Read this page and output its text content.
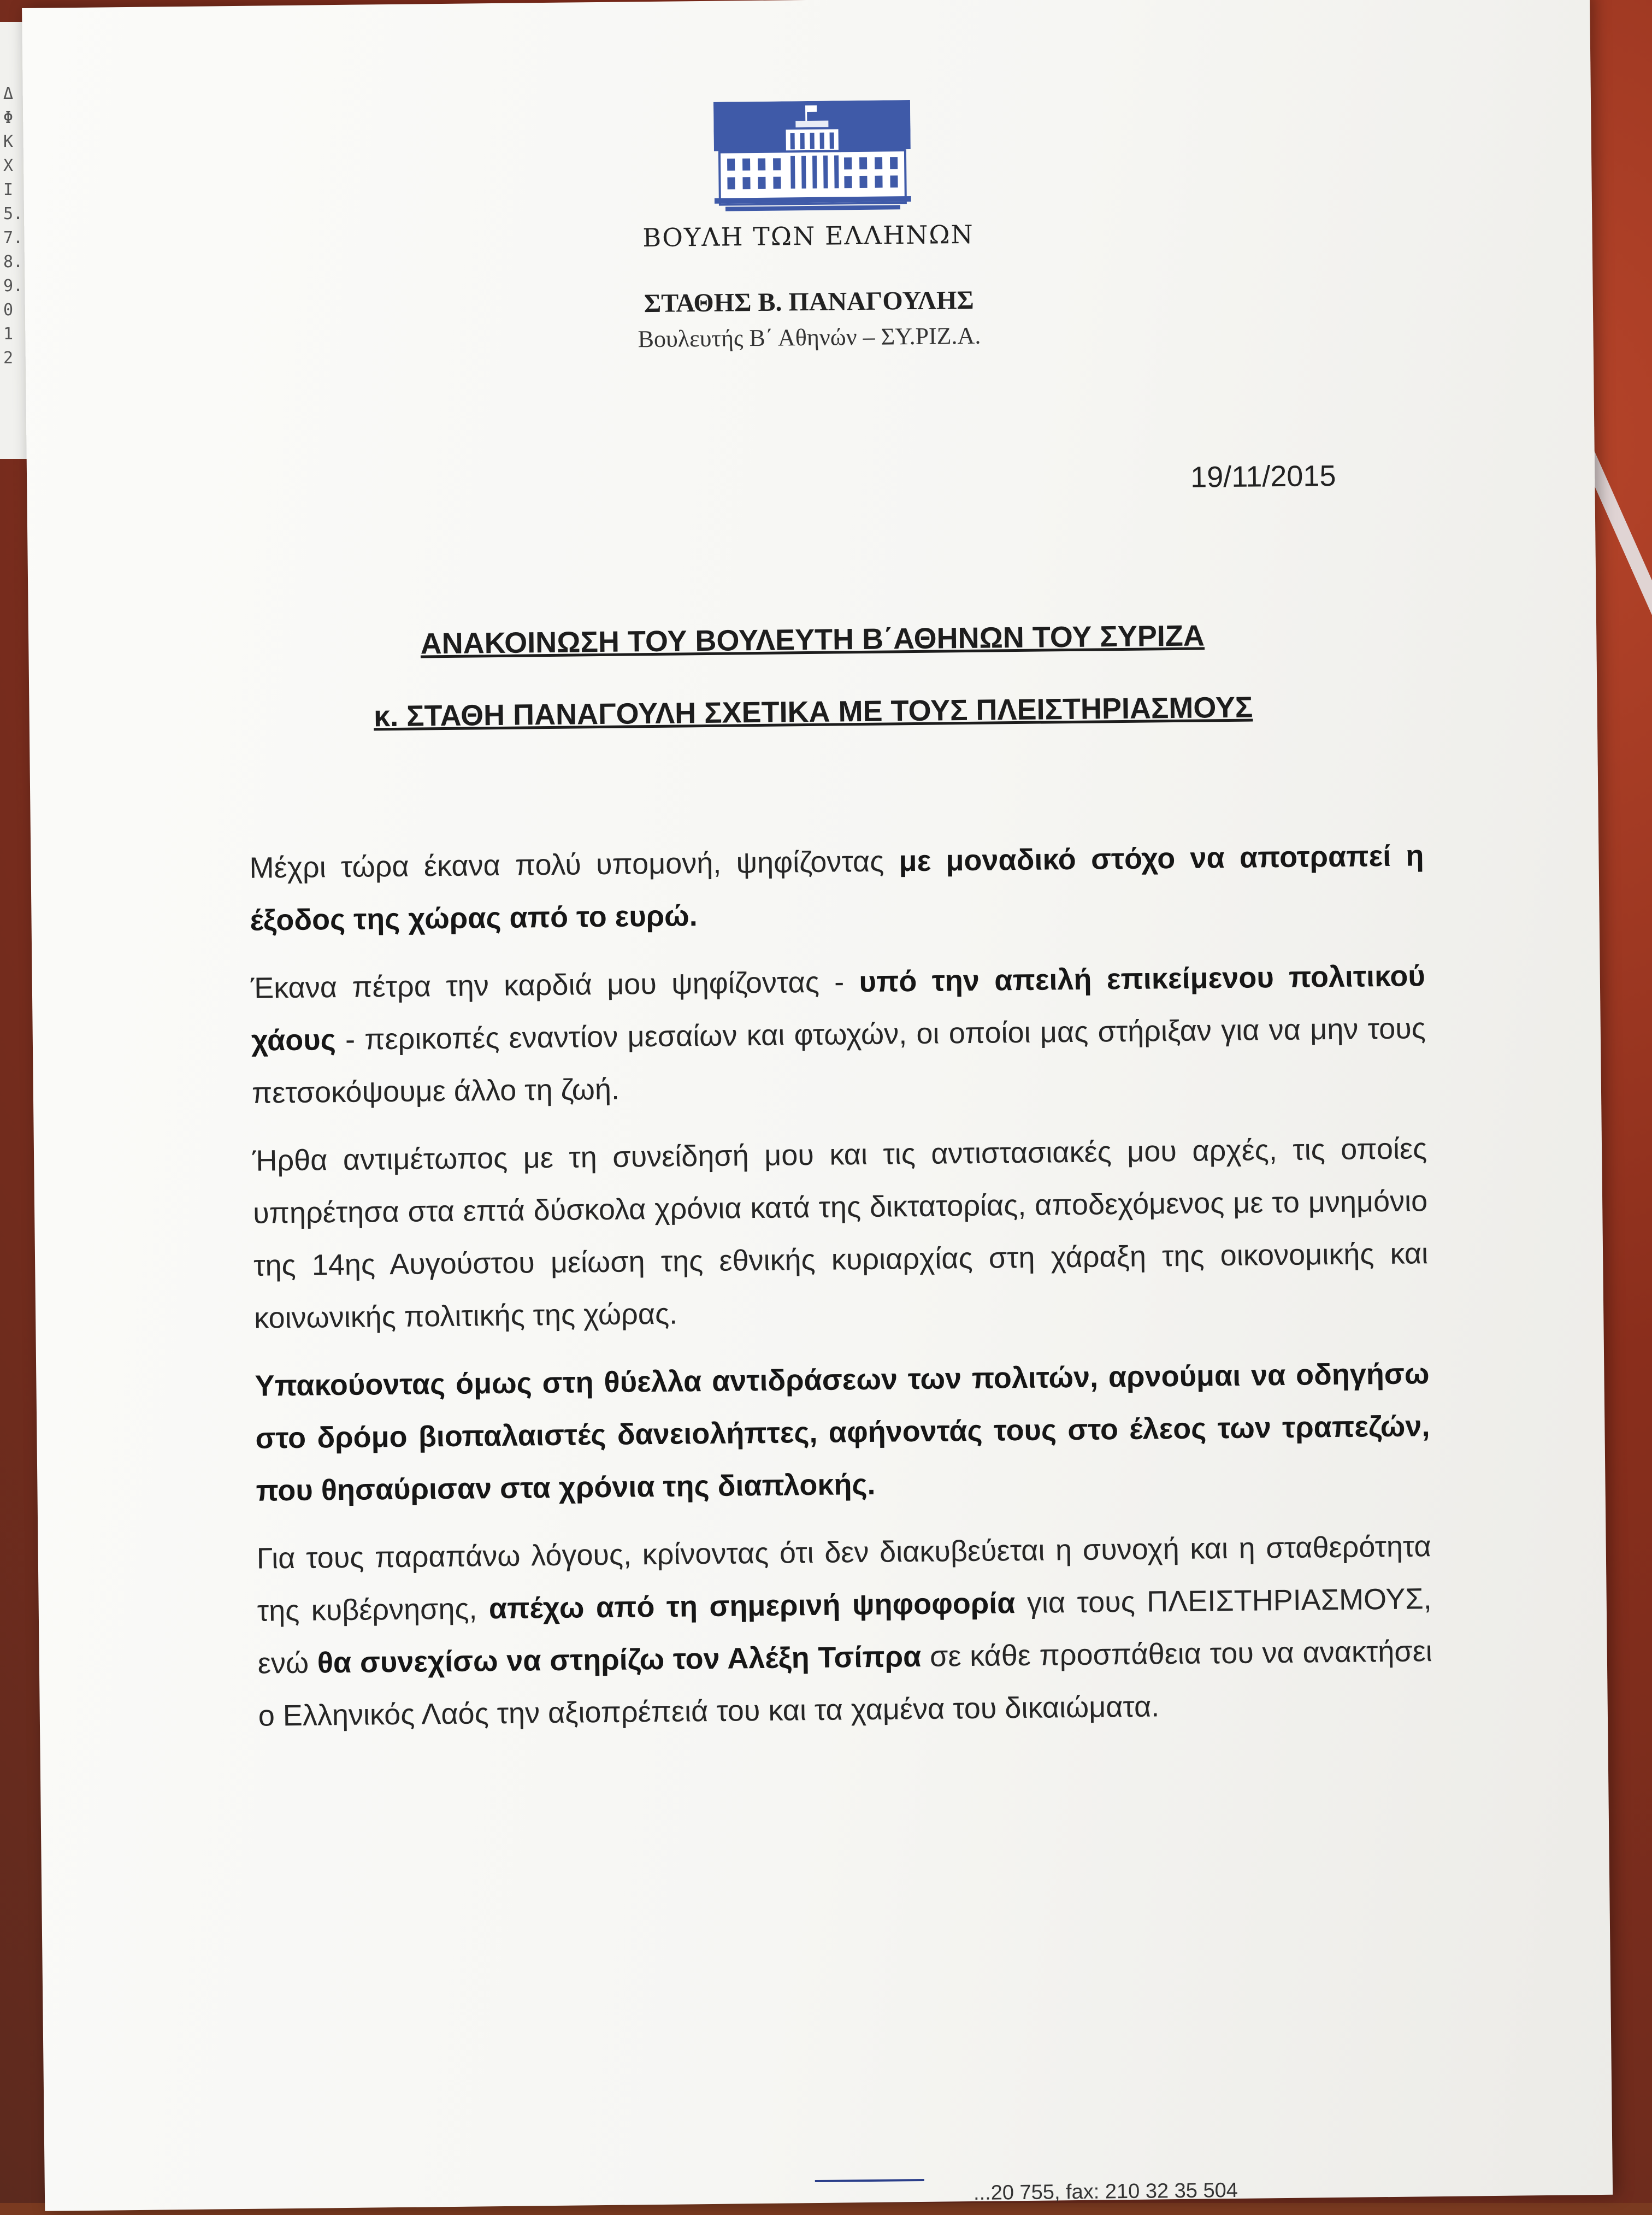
Δ
Φ
Κ
Χ
Ι
5.
7.
8.
9.
0
1
2
ΒΟΥΛΗ ΤΩΝ ΕΛΛΗΝΩΝ
ΣΤΑΘΗΣ Β. ΠΑΝΑΓΟΥΛΗΣ
Βουλευτής Β΄ Αθηνών – ΣΥ.ΡΙΖ.Α.
19/11/2015
ΑΝΑΚΟΙΝΩΣΗ ΤΟΥ ΒΟΥΛΕΥΤΗ Β΄ΑΘΗΝΩΝ ΤΟΥ ΣΥΡΙΖΑ
κ. ΣΤΑΘΗ ΠΑΝΑΓΟΥΛΗ ΣΧΕΤΙΚΑ ΜΕ ΤΟΥΣ ΠΛΕΙΣΤΗΡΙΑΣΜΟΥΣ

Μέχρι τώρα έκανα πολύ υπομονή, ψηφίζοντας με μοναδικό στόχο να αποτραπεί η έξοδος της χώρας από το ευρώ.

Έκανα πέτρα την καρδιά μου ψηφίζοντας - υπό την απειλή επικείμενου πολιτικού χάους - περικοπές εναντίον μεσαίων και φτωχών, οι οποίοι μας στήριξαν για να μην τους πετσοκόψουμε άλλο τη ζωή.

Ήρθα αντιμέτωπος με τη συνείδησή μου και τις αντιστασιακές μου αρχές, τις οποίες υπηρέτησα στα επτά δύσκολα χρόνια κατά της δικτατορίας, αποδεχόμενος με το μνημόνιο της 14ης Αυγούστου μείωση της εθνικής κυριαρχίας στη χάραξη της οικονομικής και κοινωνικής πολιτικής της χώρας.

Υπακούοντας όμως στη θύελλα αντιδράσεων των πολιτών, αρνούμαι να οδηγήσω στο δρόμο βιοπαλαιστές δανειολήπτες, αφήνοντάς τους στο έλεος των τραπεζών, που θησαύρισαν στα χρόνια της διαπλοκής.

Για τους παραπάνω λόγους, κρίνοντας ότι δεν διακυβεύεται η συνοχή και η σταθερότητα της κυβέρνησης, απέχω από τη σημερινή ψηφοφορία για τους ΠΛΕΙΣΤΗΡΙΑΣΜΟΥΣ, ενώ θα συνεχίσω να στηρίζω τον Αλέξη Τσίπρα σε κάθε προσπάθεια του να ανακτήσει ο Ελληνικός Λαός την αξιοπρέπειά του και τα χαμένα του δικαιώματα.

...20 755, fax: 210 32 35 504
